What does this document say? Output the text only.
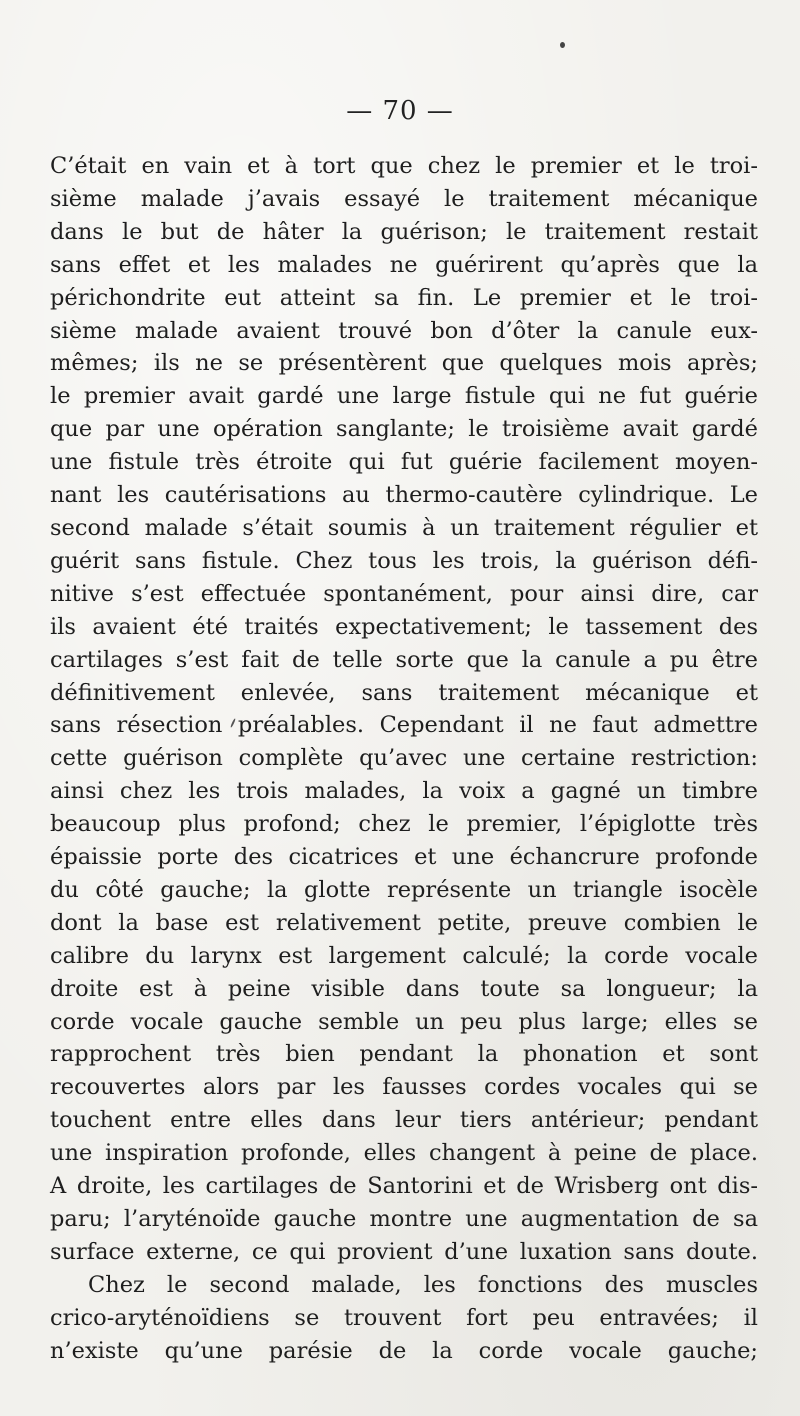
— 70 —
C’était en vain et à tort que chez le premier et le troi-
sième malade j’avais essayé le traitement mécanique
dans le but de hâter la guérison; le traitement restait
sans effet et les malades ne guérirent qu’après que la
périchondrite eut atteint sa fin. Le premier et le troi-
sième malade avaient trouvé bon d’ôter la canule eux-
mêmes; ils ne se présentèrent que quelques mois après;
le premier avait gardé une large fistule qui ne fut guérie
que par une opération sanglante; le troisième avait gardé
une fistule très étroite qui fut guérie facilement moyen-
nant les cautérisations au thermo-cautère cylindrique. Le
second malade s’était soumis à un traitement régulier et
guérit sans fistule. Chez tous les trois, la guérison défi-
nitive s’est effectuée spontanément, pour ainsi dire, car
ils avaient été traités expectativement; le tassement des
cartilages s’est fait de telle sorte que la canule a pu être
définitivement enlevée, sans traitement mécanique et
sans résection préalables. Cependant il ne faut admettre
cette guérison complète qu’avec une certaine restriction:
ainsi chez les trois malades, la voix a gagné un timbre
beaucoup plus profond; chez le premier, l’épiglotte très
épaissie porte des cicatrices et une échancrure profonde
du côté gauche; la glotte représente un triangle isocèle
dont la base est relativement petite, preuve combien le
calibre du larynx est largement calculé; la corde vocale
droite est à peine visible dans toute sa longueur; la
corde vocale gauche semble un peu plus large; elles se
rapprochent très bien pendant la phonation et sont
recouvertes alors par les fausses cordes vocales qui se
touchent entre elles dans leur tiers antérieur; pendant
une inspiration profonde, elles changent à peine de place.
A droite, les cartilages de Santorini et de Wrisberg ont dis-
paru; l’aryténoïde gauche montre une augmentation de sa
surface externe, ce qui provient d’une luxation sans doute.
Chez le second malade, les fonctions des muscles
crico-aryténoïdiens se trouvent fort peu entravées; il
n’existe qu’une parésie de la corde vocale gauche;
